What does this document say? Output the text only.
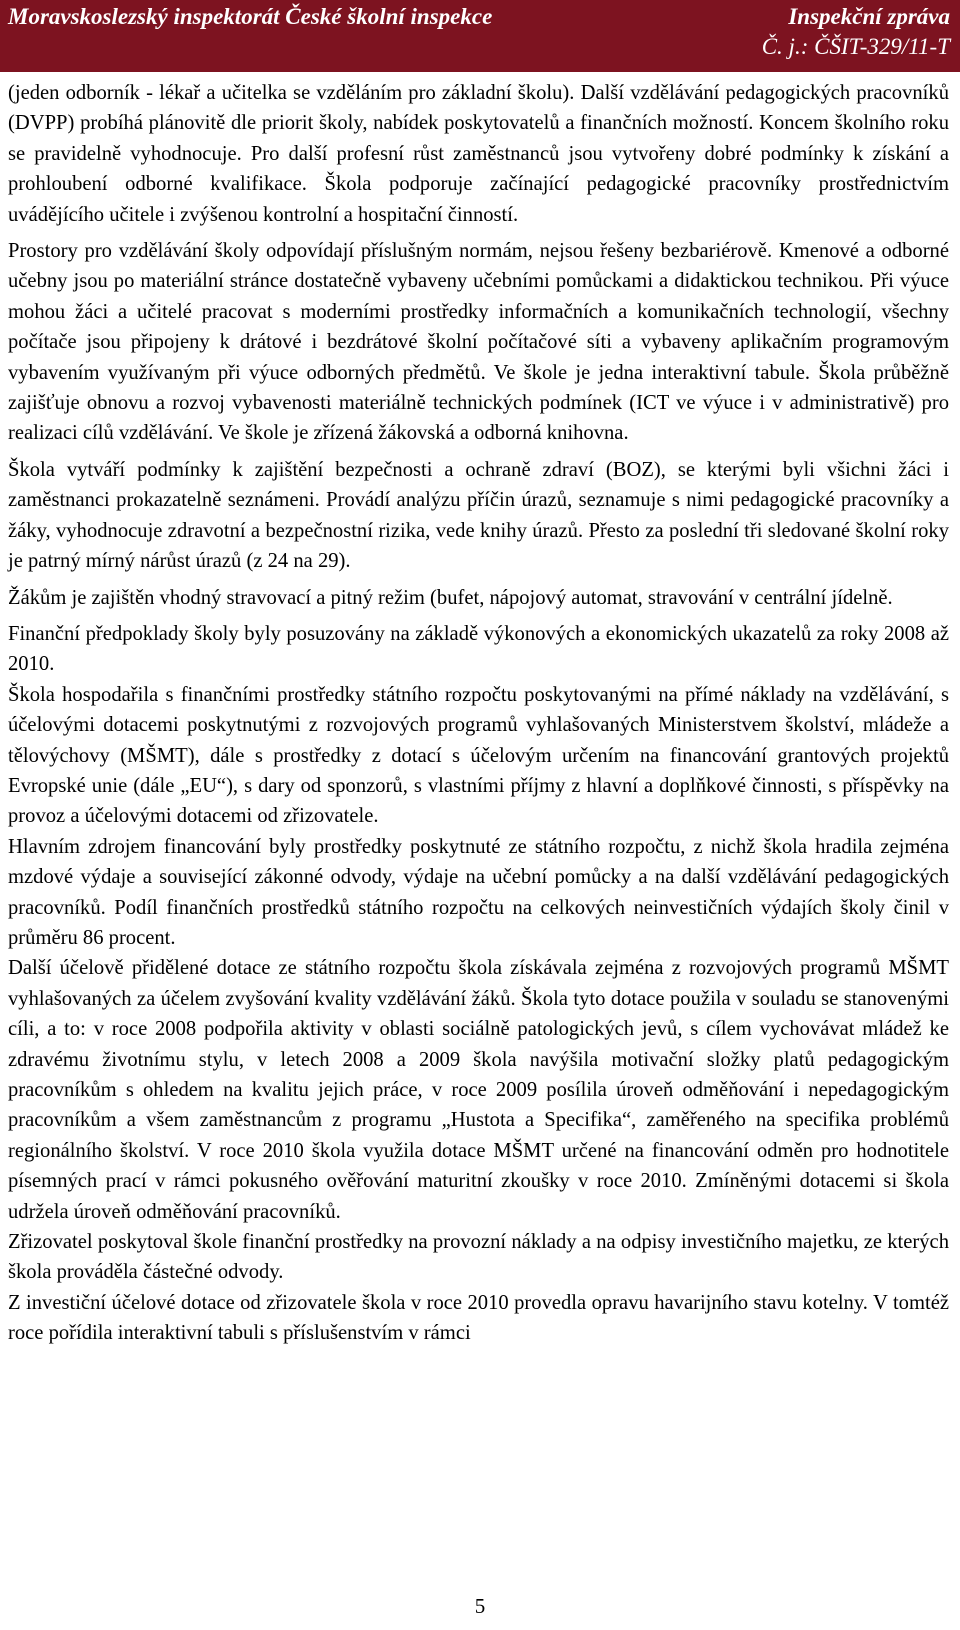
Moravskoslezský inspektorát České školní inspekce	Inspekční zpráva
Č. j.: ČŠIT-329/11-T

(jeden odborník - lékař a učitelka se vzděláním pro základní školu). Další vzdělávání pedagogických pracovníků (DVPP) probíhá plánovitě dle priorit školy, nabídek poskytovatelů a finančních možností. Koncem školního roku se pravidelně vyhodnocuje. Pro další profesní růst zaměstnanců jsou vytvořeny dobré podmínky k získání a prohloubení odborné kvalifikace. Škola podporuje začínající pedagogické pracovníky prostřednictvím uvádějícího učitele i zvýšenou kontrolní a hospitační činností.

Prostory pro vzdělávání školy odpovídají příslušným normám, nejsou řešeny bezbariérově. Kmenové a odborné učebny jsou po materiální stránce dostatečně vybaveny učebními pomůckami a didaktickou technikou. Při výuce mohou žáci a učitelé pracovat s moderními prostředky informačních a komunikačních technologií, všechny počítače jsou připojeny k drátové i bezdrátové školní počítačové síti a vybaveny aplikačním programovým vybavením využívaným při výuce odborných předmětů. Ve škole je jedna interaktivní tabule. Škola průběžně zajišťuje obnovu a rozvoj vybavenosti materiálně technických podmínek (ICT ve výuce i v administrativě) pro realizaci cílů vzdělávání. Ve škole je zřízená žákovská a odborná knihovna.

Škola vytváří podmínky k zajištění bezpečnosti a ochraně zdraví (BOZ), se kterými byli všichni žáci i zaměstnanci prokazatelně seznámeni. Provádí analýzu příčin úrazů, seznamuje s nimi pedagogické pracovníky a žáky, vyhodnocuje zdravotní a bezpečnostní rizika, vede knihy úrazů. Přesto za poslední tři sledované školní roky je patrný mírný nárůst úrazů (z 24 na 29).

Žákům je zajištěn vhodný stravovací a pitný režim (bufet, nápojový automat, stravování v centrální jídelně.

Finanční předpoklady školy byly posuzovány na základě výkonových a ekonomických ukazatelů za roky 2008 až 2010.

Škola hospodařila s finančními prostředky státního rozpočtu poskytovanými na přímé náklady na vzdělávání, s účelovými dotacemi poskytnutými z rozvojových programů vyhlašovaných Ministerstvem školství, mládeže a tělovýchovy (MŠMT), dále s prostředky z dotací s účelovým určením na financování grantových projektů Evropské unie (dále „EU“), s dary od sponzorů, s vlastními příjmy z hlavní a doplňkové činnosti, s příspěvky na provoz a účelovými dotacemi od zřizovatele.

Hlavním zdrojem financování byly prostředky poskytnuté ze státního rozpočtu, z nichž škola hradila zejména mzdové výdaje a související zákonné odvody, výdaje na učební pomůcky a na další vzdělávání pedagogických pracovníků. Podíl finančních prostředků státního rozpočtu na celkových neinvestičních výdajích školy činil v průměru 86 procent.

Další účelově přidělené dotace ze státního rozpočtu škola získávala zejména z rozvojových programů MŠMT vyhlašovaných za účelem zvyšování kvality vzdělávání žáků. Škola tyto dotace použila v souladu se stanovenými cíli, a to: v roce 2008 podpořila aktivity v oblasti sociálně patologických jevů, s cílem vychovávat mládež ke zdravému životnímu stylu, v letech 2008 a 2009 škola navýšila motivační složky platů pedagogickým pracovníkům s ohledem na kvalitu jejich práce, v roce 2009 posílila úroveň odměňování i nepedagogickým pracovníkům a všem zaměstnancům z programu „Hustota a Specifika“, zaměřeného na specifika problémů regionálního školství. V roce 2010 škola využila dotace MŠMT určené na financování odměn pro hodnotitele písemných prací v rámci pokusného ověřování maturitní zkoušky v roce 2010. Zmíněnými dotacemi si škola udržela úroveň odměňování pracovníků.

Zřizovatel poskytoval škole finanční prostředky na provozní náklady a na odpisy investičního majetku, ze kterých škola prováděla částečné odvody.

Z investiční účelové dotace od zřizovatele škola v roce 2010 provedla opravu havarijního stavu kotelny. V tomtéž roce pořídila interaktivní tabuli s příslušenstvím v rámci

5
